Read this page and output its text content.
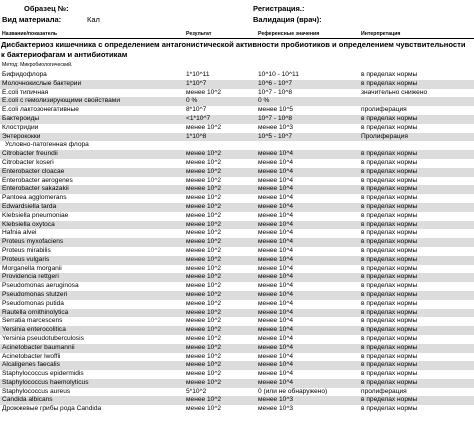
Образец №:
Вид материала:	Кал
Регистрация.:
Валидация (врач):
Название/показатель	Результат	Референсные значения	Интерпретация
Дисбактериоз кишечника с определением антагонистической активности пробиотиков и определением чувствительности к бактериофагам и антибиотикам
Метод: Микробиологический.
Бифидофлора	1*10^11	10^10 - 10^11	в пределах нормы
Молочнокислые бактерии	1*10^7	10^6 - 10^7	в пределах нормы
E.coli типичная	менее 10^2	10^7 - 10^8	значительно снижено
E.coli с гемолизирующими свойствами	0 %	0 %
E.coli лактозонегативные	8*10^7	менее 10^5	пролиферация
Бактероиды	<1*10^7	10^7 - 10^8	в пределах нормы
Клостридии	менее 10^2	менее 10^3	в пределах нормы
Энтерококки	1*10^8	10^5 - 10^7	Пролиферация
Условно-патогенная флора
Citrobacter freundii	менее 10^2	менее 10^4	в пределах нормы
Citrobacter koseri	менее 10^2	менее 10^4	в пределах нормы
Enterobacter cloacae	менее 10^2	менее 10^4	в пределах нормы
Enterobacter aerogenes	менее 10^2	менее 10^4	в пределах нормы
Enterobacter sakazakii	менее 10^2	менее 10^4	в пределах нормы
Pantoea agglomerans	менее 10^2	менее 10^4	в пределах нормы
Edwardsiella tarda	менее 10^2	менее 10^4	в пределах нормы
Klebsiella pneumoniae	менее 10^2	менее 10^4	в пределах нормы
Klebsiella oxytoca	менее 10^2	менее 10^4	в пределах нормы
Hafnia alvei	менее 10^2	менее 10^4	в пределах нормы
Proteus myxofaciens	менее 10^2	менее 10^4	в пределах нормы
Proteus mirabilis	менее 10^2	менее 10^4	в пределах нормы
Proteus vulgaris	менее 10^2	менее 10^4	в пределах нормы
Morganella morganii	менее 10^2	менее 10^4	в пределах нормы
Providencia rettgeri	менее 10^2	менее 10^4	в пределах нормы
Pseudomonas aeruginosa	менее 10^2	менее 10^4	в пределах нормы
Pseudomonas stutzeri	менее 10^2	менее 10^4	в пределах нормы
Pseudomonas putida	менее 10^2	менее 10^4	в пределах нормы
Rautella ornithinolytica	менее 10^2	менее 10^4	в пределах нормы
Serratia marcescens	менее 10^2	менее 10^4	в пределах нормы
Yersinia enterocolitica	менее 10^2	менее 10^4	в пределах нормы
Yersinia pseudotuberculosis	менее 10^2	менее 10^4	в пределах нормы
Acinetobacter baumannii	менее 10^2	менее 10^4	в пределах нормы
Acinetobacter lwoffii	менее 10^2	менее 10^4	в пределах нормы
Alcaligenes faecalis	менее 10^2	менее 10^4	в пределах нормы
Staphylococcus epidermidis	менее 10^2	менее 10^4	в пределах нормы
Staphylococcus haemolyticus	менее 10^2	менее 10^4	в пределах нормы
Staphylococcus aureus	5*10^2	0 (или не обнаружено)	пролиферация
Candida albicans	менее 10^2	менее 10^3	в пределах нормы
Дрожжевые грибы рода Candida	менее 10^2	менее 10^3	в пределах нормы
